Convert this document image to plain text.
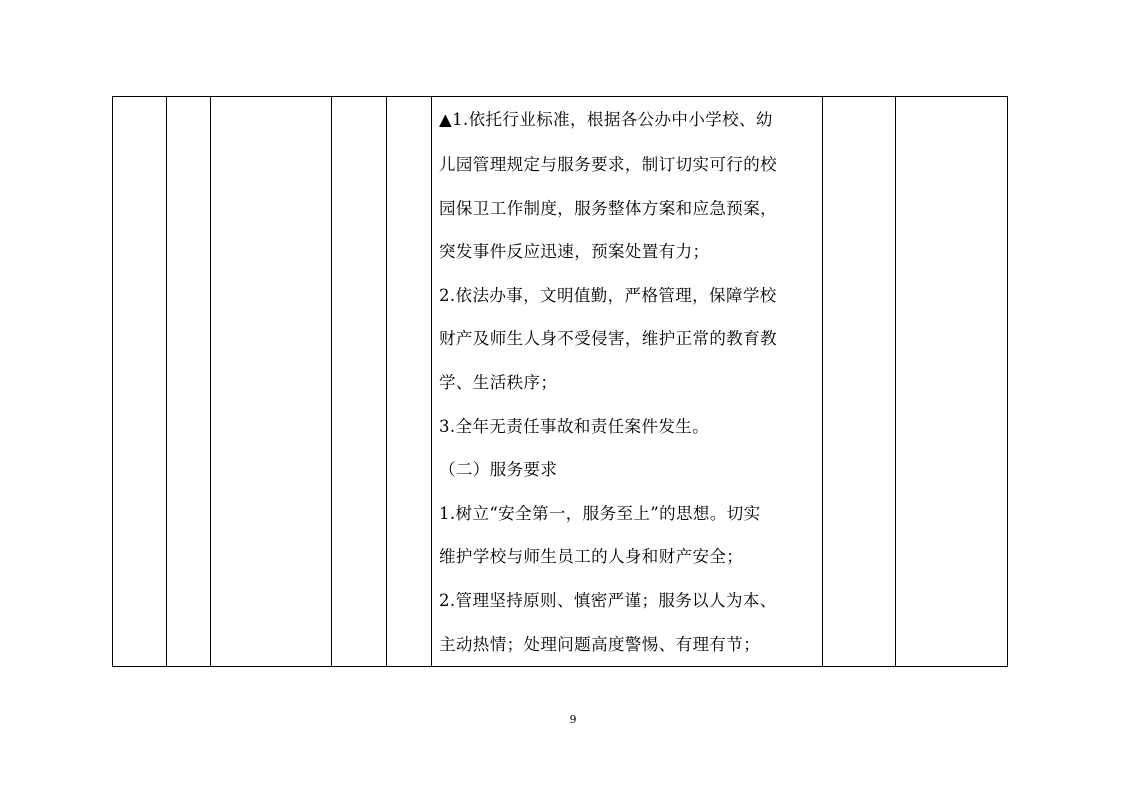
▲1.依托行业标准，根据各公办中小学校、幼
儿园管理规定与服务要求，制订切实可行的校
园保卫工作制度，服务整体方案和应急预案，
突发事件反应迅速，预案处置有力；
2.依法办事，文明值勤，严格管理，保障学校
财产及师生人身不受侵害，维护正常的教育教
学、生活秩序；
3.全年无责任事故和责任案件发生。
（二）服务要求
1.树立“安全第一，服务至上”的思想。切实
维护学校与师生员工的人身和财产安全；
2.管理坚持原则、慎密严谨；服务以人为本、
主动热情；处理问题高度警惕、有理有节；

9
